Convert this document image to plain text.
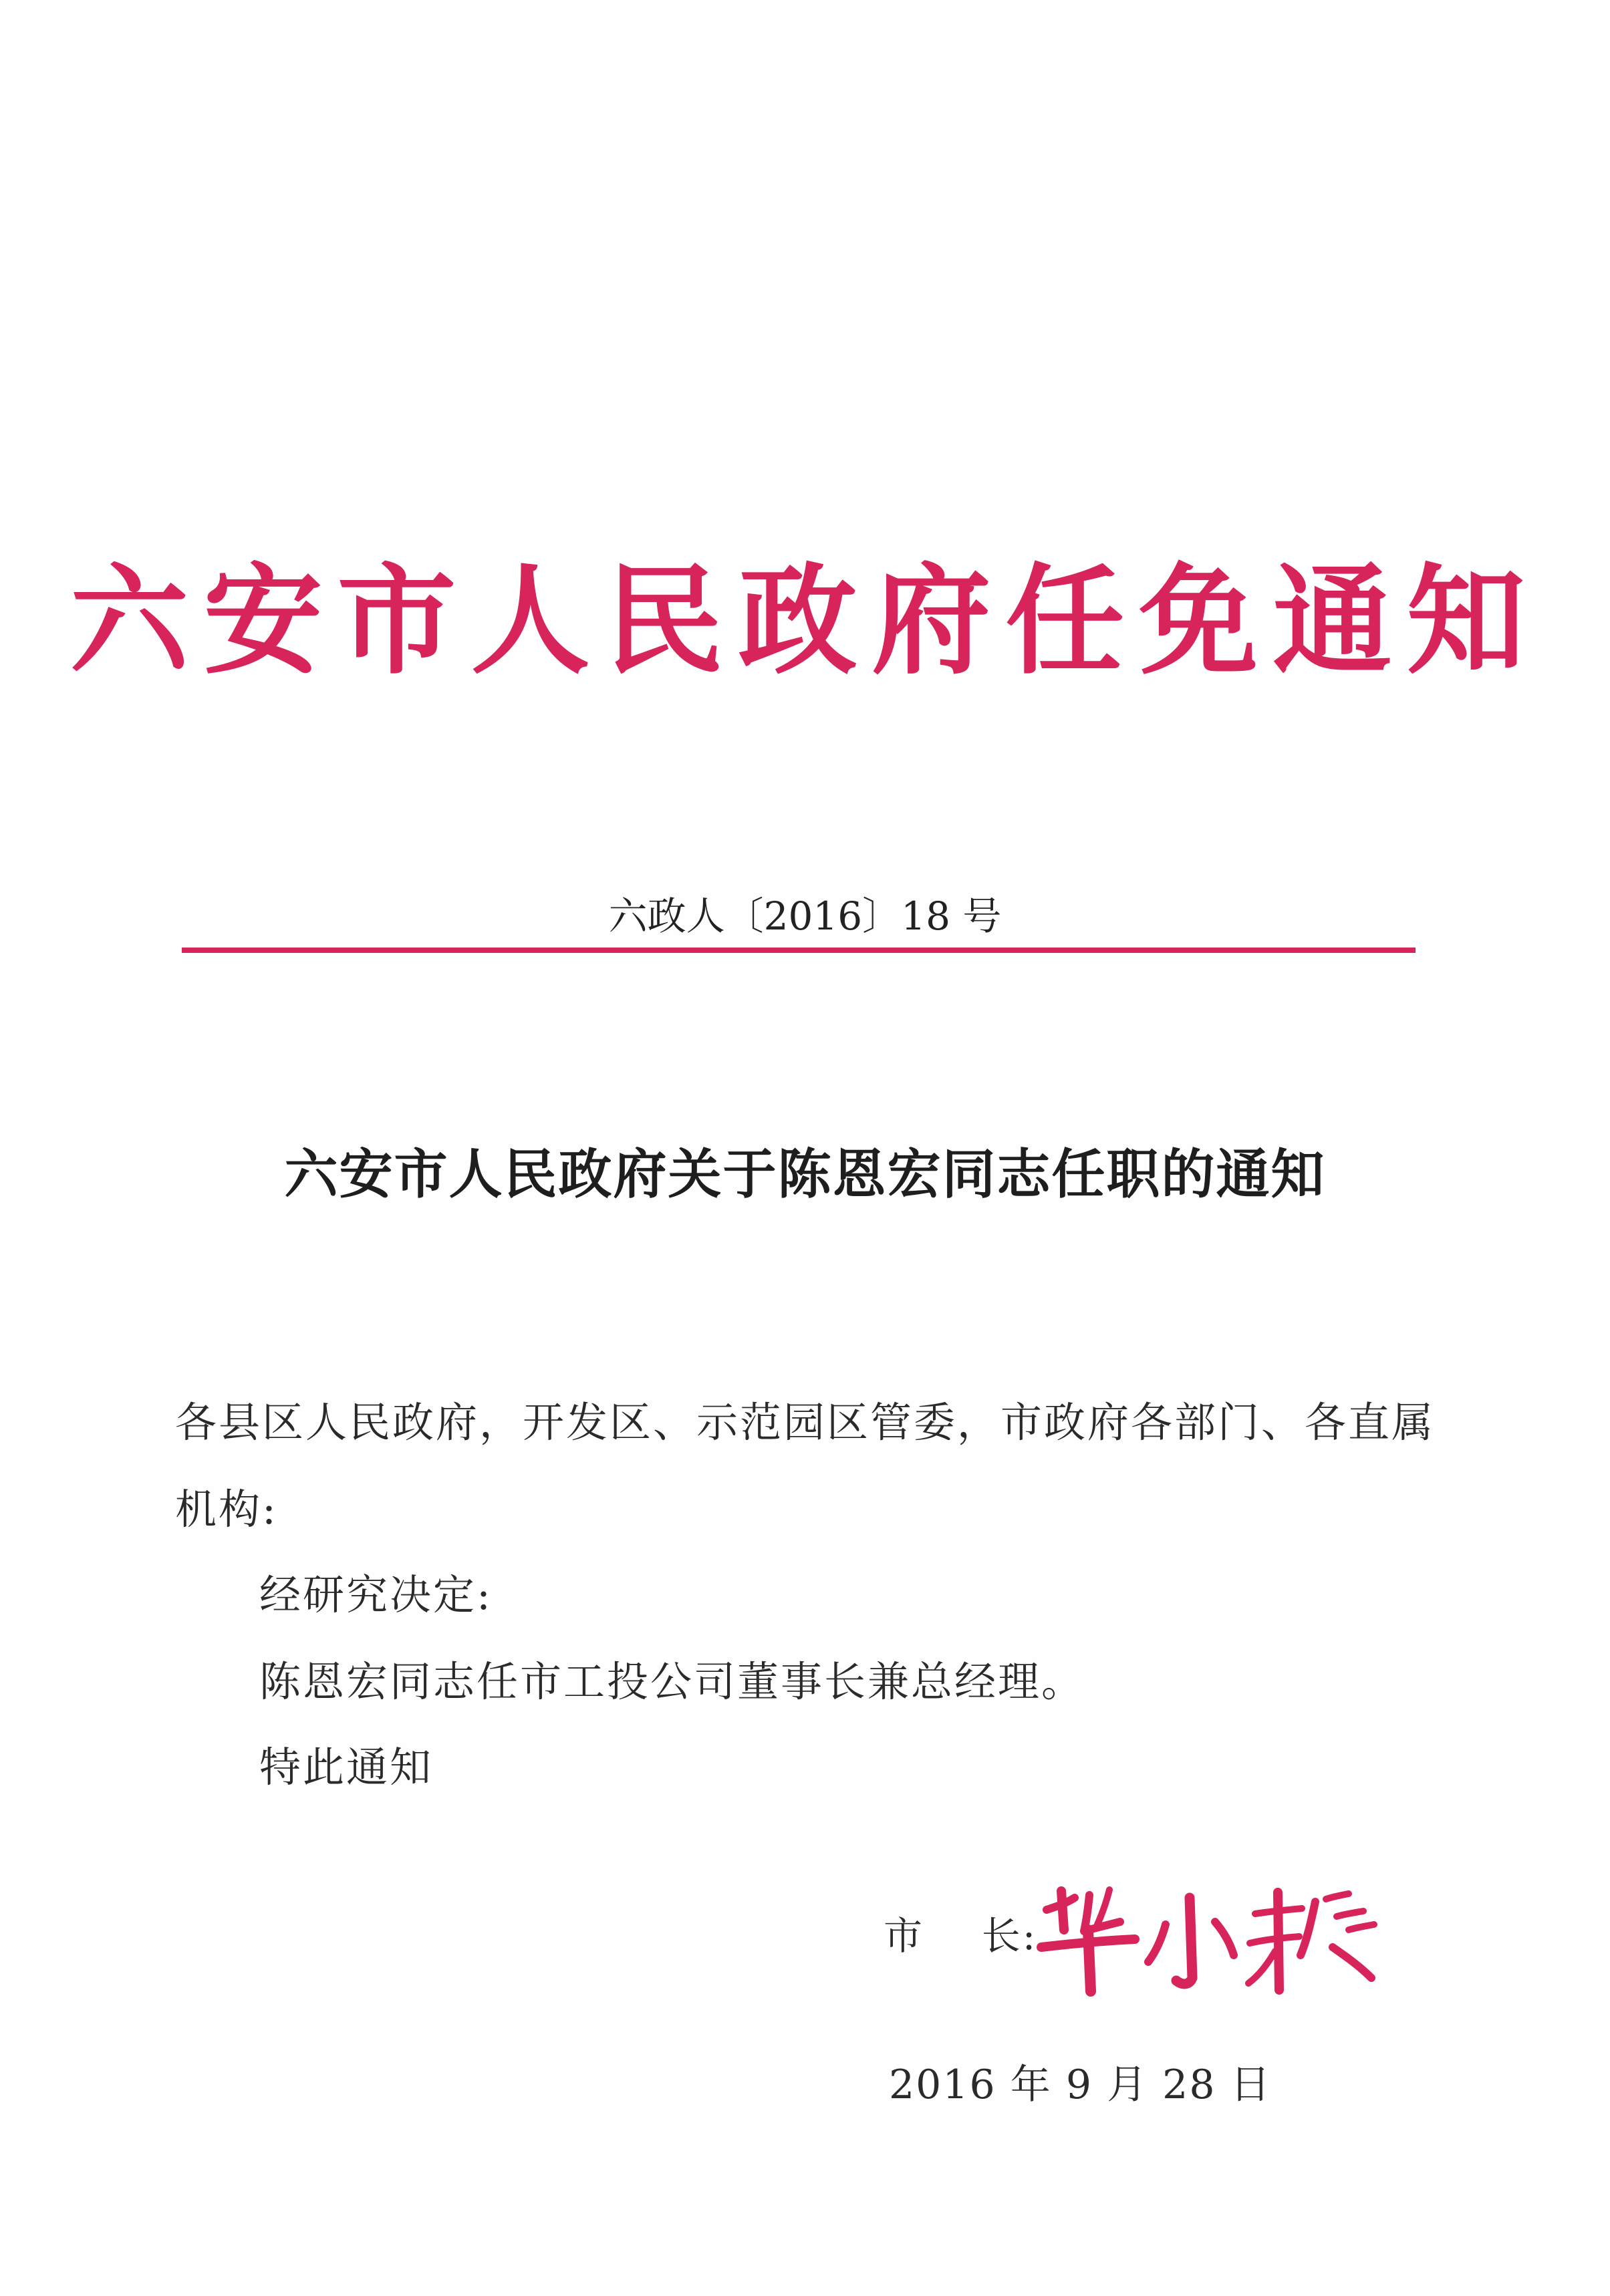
六安市人民政府任免通知
六政人〔2016〕18 号
六安市人民政府关于陈恩宏同志任职的通知
各县区人民政府，开发区、示范园区管委，市政府各部门、各直属
机构:
经研究决定:
陈恩宏同志任市工投公司董事长兼总经理。
特此通知
市    长:
2016 年 9 月 28 日
